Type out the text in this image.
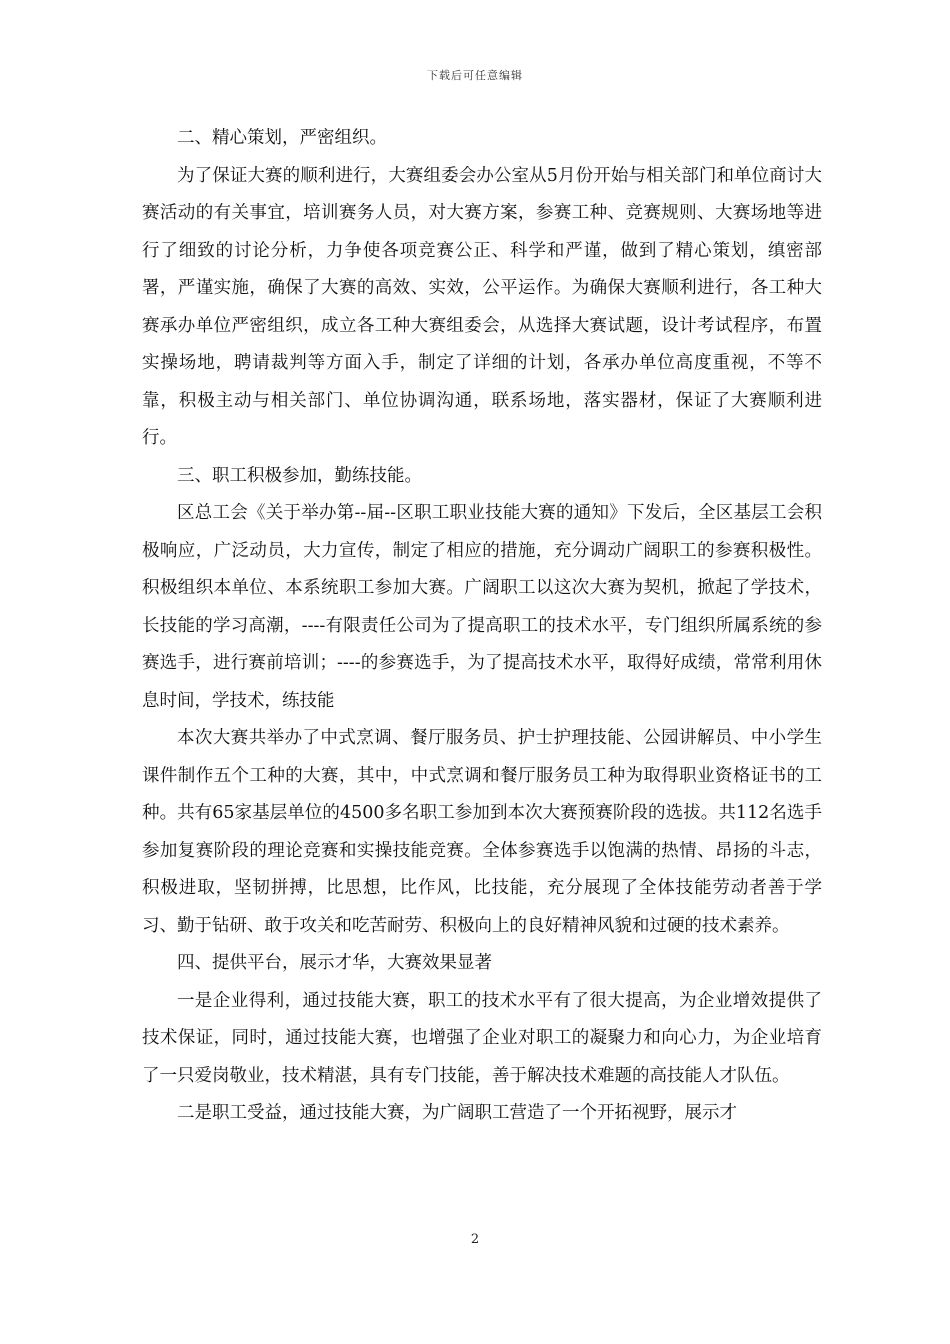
下载后可任意编辑

二、精心策划，严密组织。

为了保证大赛的顺利进行，大赛组委会办公室从5月份开始与相关部门和单位商讨大赛活动的有关事宜，培训赛务人员，对大赛方案，参赛工种、竞赛规则、大赛场地等进行了细致的讨论分析，力争使各项竞赛公正、科学和严谨，做到了精心策划，缜密部署，严谨实施，确保了大赛的高效、实效，公平运作。为确保大赛顺利进行，各工种大赛承办单位严密组织，成立各工种大赛组委会，从选择大赛试题，设计考试程序，布置实操场地，聘请裁判等方面入手，制定了详细的计划，各承办单位高度重视，不等不靠，积极主动与相关部门、单位协调沟通，联系场地，落实器材，保证了大赛顺利进行。

三、职工积极参加，勤练技能。

区总工会《关于举办第--届--区职工职业技能大赛的通知》下发后，全区基层工会积极响应，广泛动员，大力宣传，制定了相应的措施，充分调动广阔职工的参赛积极性。积极组织本单位、本系统职工参加大赛。广阔职工以这次大赛为契机，掀起了学技术，长技能的学习高潮，----有限责任公司为了提高职工的技术水平，专门组织所属系统的参赛选手，进行赛前培训；----的参赛选手，为了提高技术水平，取得好成绩，常常利用休息时间，学技术，练技能

本次大赛共举办了中式烹调、餐厅服务员、护士护理技能、公园讲解员、中小学生课件制作五个工种的大赛，其中，中式烹调和餐厅服务员工种为取得职业资格证书的工种。共有65家基层单位的4500多名职工参加到本次大赛预赛阶段的选拔。共112名选手参加复赛阶段的理论竞赛和实操技能竞赛。全体参赛选手以饱满的热情、昂扬的斗志，积极进取，坚韧拼搏，比思想，比作风，比技能，充分展现了全体技能劳动者善于学习、勤于钻研、敢于攻关和吃苦耐劳、积极向上的良好精神风貌和过硬的技术素养。

四、提供平台，展示才华，大赛效果显著

一是企业得利，通过技能大赛，职工的技术水平有了很大提高，为企业增效提供了技术保证，同时，通过技能大赛，也增强了企业对职工的凝聚力和向心力，为企业培育了一只爱岗敬业，技术精湛，具有专门技能，善于解决技术难题的高技能人才队伍。

二是职工受益，通过技能大赛，为广阔职工营造了一个开拓视野，展示才

2
